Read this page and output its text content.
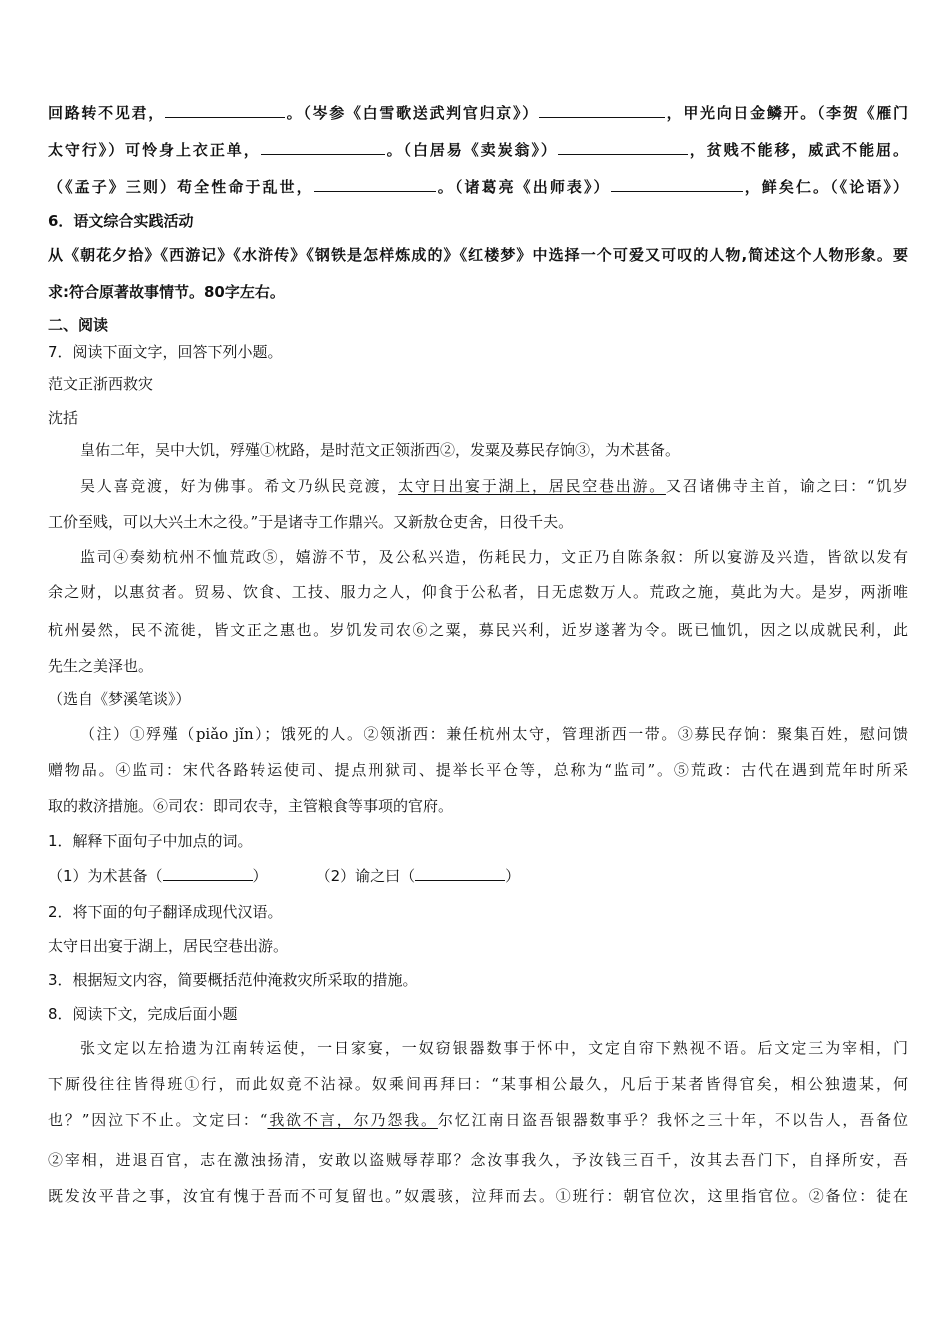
回路转不见君，	。（岑参《白雪歌送武判官归京》）	，甲光向日金鳞开。（李贺《雁门
太守行》）可怜身上衣正单，	。（白居易《卖炭翁》）	，贫贱不能移，威武不能屈。
（《孟子》三则）苟全性命于乱世，	。（诸葛亮《出师表》）	，鲜矣仁。（《论语》）
6．语文综合实践活动
从《朝花夕拾》《西游记》《水浒传》《钢铁是怎样炼成的》《红楼梦》中选择一个可爱又可叹的人物,简述这个人物形象。要
求:符合原著故事情节。80字左右。
二、阅读
7．阅读下面文字，回答下列小题。
范文正浙西救灾
沈括
皇佑二年，吴中大饥，殍殣①枕路，是时范文正领浙西②，发粟及募民存饷③，为术甚备。
吴人喜竞渡，好为佛事。希文乃纵民竞渡，太守日出宴于湖上，居民空巷出游。又召诸佛寺主首，谕之曰：“饥岁
工价至贱，可以大兴土木之役。”于是诸寺工作鼎兴。又新敖仓吏舍，日役千夫。
监司④奏劾杭州不恤荒政⑤，嬉游不节，及公私兴造，伤耗民力，文正乃自陈条叙：所以宴游及兴造，皆欲以发有
余之财，以惠贫者。贸易、饮食、工技、服力之人，仰食于公私者，日无虑数万人。荒政之施，莫此为大。是岁，两浙唯
杭州晏然，民不流徙，皆文正之惠也。岁饥发司农⑥之粟，募民兴利，近岁遂著为令。既已恤饥，因之以成就民利，此
先生之美泽也。
（选自《梦溪笔谈》）
（注）①殍殣（piǎo jǐn）；饿死的人。②领浙西：兼任杭州太守，管理浙西一带。③募民存饷：聚集百姓，慰问馈
赠物品。④监司：宋代各路转运使司、提点刑狱司、提举长平仓等，总称为“监司”。⑤荒政：古代在遇到荒年时所采
取的救济措施。⑥司农：即司农寺，主管粮食等事项的官府。
1．解释下面句子中加点的词。
（1）为术甚备（	）	（2）谕之曰（	）
2．将下面的句子翻译成现代汉语。
太守日出宴于湖上，居民空巷出游。
3．根据短文内容，简要概括范仲淹救灾所采取的措施。
8．阅读下文，完成后面小题
张文定以左拾遗为江南转运使，一日家宴，一奴窃银器数事于怀中，文定自帘下熟视不语。后文定三为宰相，门
下厮役往往皆得班①行，而此奴竟不沾禄。奴乘间再拜曰：“某事相公最久，凡后于某者皆得官矣，相公独遗某，何
也？”因泣下不止。文定曰：“我欲不言，尔乃怨我。尔忆江南日盗吾银器数事乎？我怀之三十年，不以告人，吾备位
②宰相，进退百官，志在激浊扬清，安敢以盗贼辱荐耶？念汝事我久，予汝钱三百千，汝其去吾门下，自择所安，吾
既发汝平昔之事，汝宜有愧于吾而不可复留也。”奴震骇，泣拜而去。①班行：朝官位次，这里指官位。②备位：徒在
